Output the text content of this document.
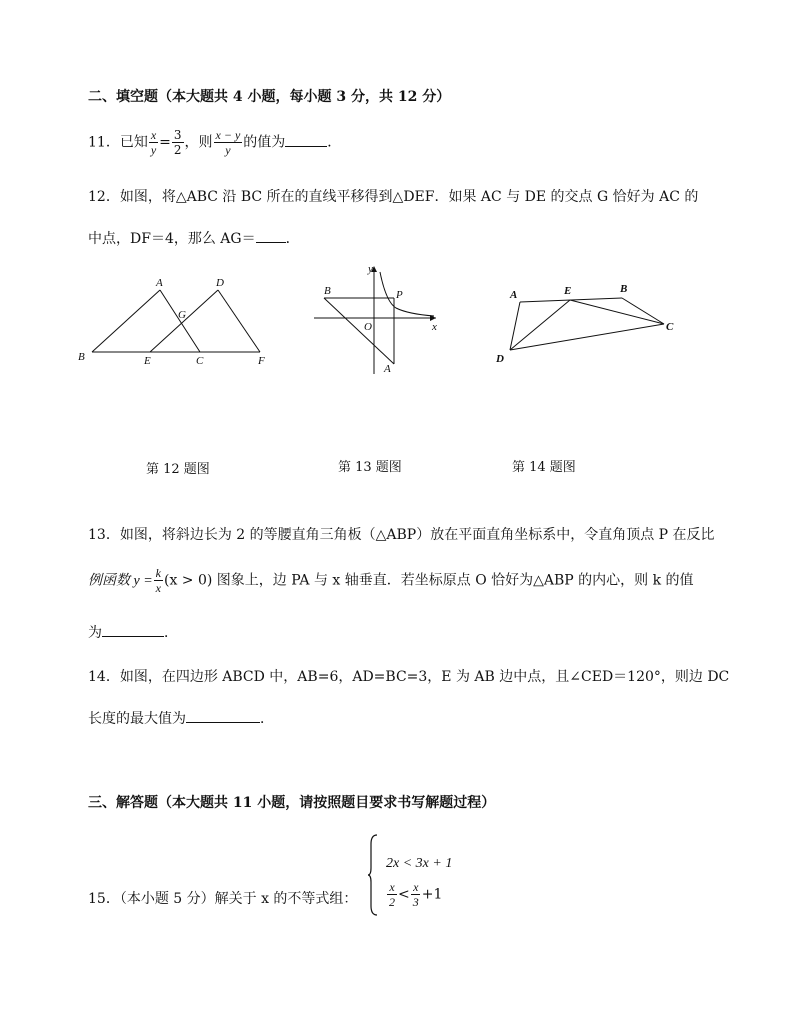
二、填空题（本大题共 4 小题，每小题 3 分，共 12 分）
11．已知 $\frac{x}{y} = \frac{3}{2}$ ，则 $\frac{x - y}{y}$ 的值为	．
12．如图，将△ABC 沿 BC 所在的直线平移得到△DEF．如果 AC 与 DE 的交点 G 恰好为 AC 的
中点，DF＝4，那么 AG＝ ．
A
B	C
D
E	F
G
第 12 题图
y
x
O
B	P
A
第 13 题图
A	E	B
C
D
第 14 题图
13．如图，将斜边长为 2 的等腰直角三角板（△ABP）放在平面直角坐标系中，令直角顶点 P 在反比
例函数 $y = \frac{k}{x} (x > 0)$ 图象上，边 PA 与 x 轴垂直．若坐标原点 O 恰好为△ABP 的内心，则 k 的值
为	．
14．如图，在四边形 ABCD 中，AB=6，AD=BC=3，E 为 AB 边中点，且∠CED＝120°，则边 DC
长度的最大值为	．
三、解答题（本大题共 11 小题，请按照题目要求书写解题过程）
15．（本小题 5 分）解关于 x 的不等式组：
2x < 3x + 1
$\frac{x}{2} < \frac{x}{3} +1$
